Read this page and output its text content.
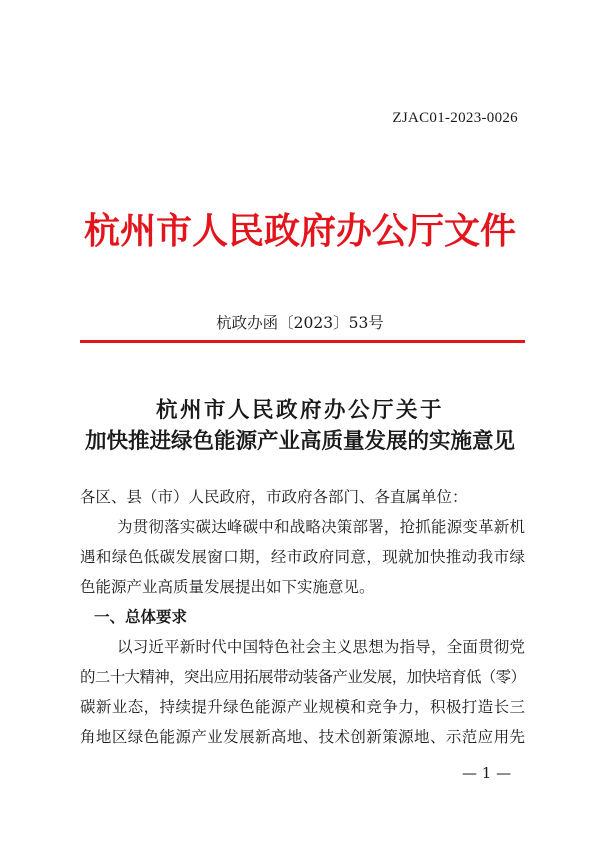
ZJAC01-2023-0026
杭州市人民政府办公厅文件
杭政办函〔2023〕53号
杭州市人民政府办公厅关于
加快推进绿色能源产业高质量发展的实施意见
各区、县（市）人民政府，市政府各部门、各直属单位：
为贯彻落实碳达峰碳中和战略决策部署，抢抓能源变革新机
遇和绿色低碳发展窗口期，经市政府同意，现就加快推动我市绿
色能源产业高质量发展提出如下实施意见。
一、总体要求
以习近平新时代中国特色社会主义思想为指导，全面贯彻党
的二十大精神，突出应用拓展带动装备产业发展，加快培育低（零）
碳新业态，持续提升绿色能源产业规模和竞争力，积极打造长三
角地区绿色能源产业发展新高地、技术创新策源地、示范应用先
— 1 —
